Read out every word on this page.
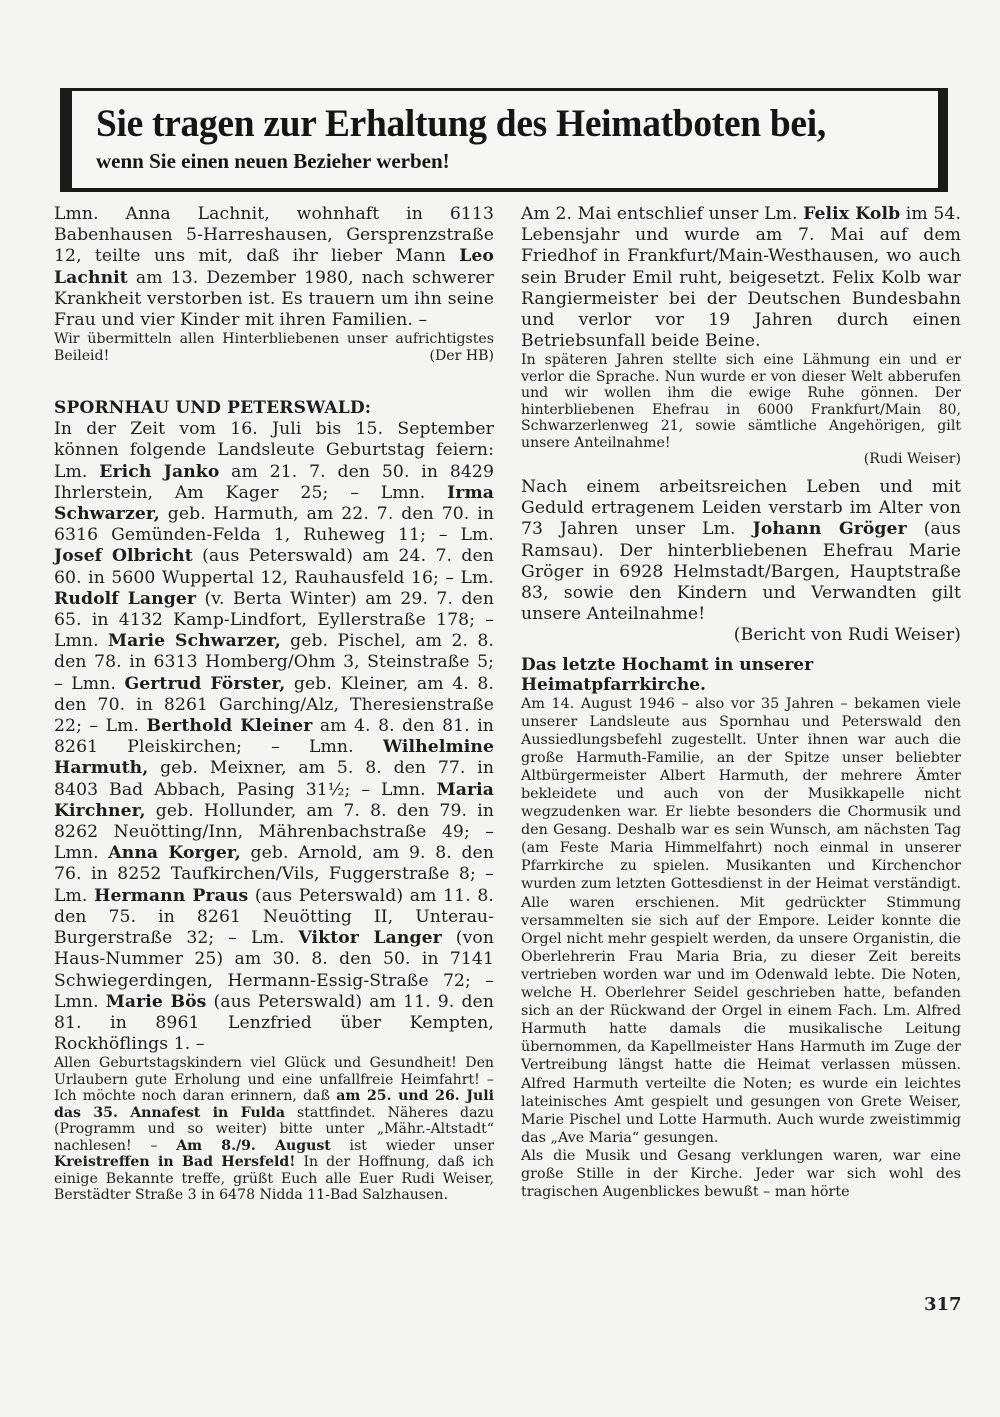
Sie tragen zur Erhaltung des Heimatboten bei,
wenn Sie einen neuen Bezieher werben!

Lmn. Anna Lachnit, wohnhaft in 6113 Babenhausen 5-Harreshausen, Gersprenzstraße 12, teilte uns mit, daß ihr lieber Mann Leo Lachnit am 13. Dezember 1980, nach schwerer Krankheit verstorben ist. Es trauern um ihn seine Frau und vier Kinder mit ihren Familien. –

Wir übermitteln allen Hinterbliebenen unser aufrichtigstes Beileid!	(Der HB)

SPORNHAU UND PETERSWALD:

In der Zeit vom 16. Juli bis 15. September können folgende Landsleute Geburtstag feiern: Lm. Erich Janko am 21. 7. den 50. in 8429 Ihrlerstein, Am Kager 25; – Lmn. Irma Schwarzer, geb. Harmuth, am 22. 7. den 70. in 6316 Gemünden-Felda 1, Ruheweg 11; – Lm. Josef Olbricht (aus Peterswald) am 24. 7. den 60. in 5600 Wuppertal 12, Rauhausfeld 16; – Lm. Rudolf Langer (v. Berta Winter) am 29. 7. den 65. in 4132 Kamp-Lindfort, Eyllerstraße 178; – Lmn. Marie Schwarzer, geb. Pischel, am 2. 8. den 78. in 6313 Homberg/Ohm 3, Steinstraße 5; – Lmn. Gertrud Förster, geb. Kleiner, am 4. 8. den 70. in 8261 Garching/Alz, Theresienstraße 22; – Lm. Berthold Kleiner am 4. 8. den 81. in 8261 Pleiskirchen; – Lmn. Wilhelmine Harmuth, geb. Meixner, am 5. 8. den 77. in 8403 Bad Abbach, Pasing 31½; – Lmn. Maria Kirchner, geb. Hollunder, am 7. 8. den 79. in 8262 Neuötting/Inn, Mährenbachstraße 49; – Lmn. Anna Korger, geb. Arnold, am 9. 8. den 76. in 8252 Taufkirchen/Vils, Fuggerstraße 8; – Lm. Hermann Praus (aus Peterswald) am 11. 8. den 75. in 8261 Neuötting II, Unterau-Burgerstraße 32; – Lm. Viktor Langer (von Haus-Nummer 25) am 30. 8. den 50. in 7141 Schwiegerdingen, Hermann-Essig-Straße 72; – Lmn. Marie Bös (aus Peterswald) am 11. 9. den 81. in 8961 Lenzfried über Kempten, Rockhöflings 1. –

Allen Geburtstagskindern viel Glück und Gesundheit! Den Urlaubern gute Erholung und eine unfallfreie Heimfahrt! – Ich möchte noch daran erinnern, daß am 25. und 26. Juli das 35. Annafest in Fulda stattfindet. Näheres dazu (Programm und so weiter) bitte unter „Mähr.-Altstadt“ nachlesen! – Am 8./9. August ist wieder unser Kreistreffen in Bad Hersfeld! In der Hoffnung, daß ich einige Bekannte treffe, grüßt Euch alle Euer Rudi Weiser, Berstädter Straße 3 in 6478 Nidda 11-Bad Salzhausen.

Am 2. Mai entschlief unser Lm. Felix Kolb im 54. Lebensjahr und wurde am 7. Mai auf dem Friedhof in Frankfurt/Main-Westhausen, wo auch sein Bruder Emil ruht, beigesetzt. Felix Kolb war Rangiermeister bei der Deutschen Bundesbahn und verlor vor 19 Jahren durch einen Betriebsunfall beide Beine.

In späteren Jahren stellte sich eine Lähmung ein und er verlor die Sprache. Nun wurde er von dieser Welt abberufen und wir wollen ihm die ewige Ruhe gönnen. Der hinterbliebenen Ehefrau in 6000 Frankfurt/Main 80, Schwarzerlenweg 21, sowie sämtliche Angehörigen, gilt unsere Anteilnahme!

(Rudi Weiser)

Nach einem arbeitsreichen Leben und mit Geduld ertragenem Leiden verstarb im Alter von 73 Jahren unser Lm. Johann Gröger (aus Ramsau). Der hinterbliebenen Ehefrau Marie Gröger in 6928 Helmstadt/Bargen, Hauptstraße 83, sowie den Kindern und Verwandten gilt unsere Anteilnahme!

(Bericht von Rudi Weiser)

Das letzte Hochamt in unserer Heimatpfarrkirche.

Am 14. August 1946 – also vor 35 Jahren – bekamen viele unserer Landsleute aus Spornhau und Peterswald den Aussiedlungsbefehl zugestellt. Unter ihnen war auch die große Harmuth-Familie, an der Spitze unser beliebter Altbürgermeister Albert Harmuth, der mehrere Ämter bekleidete und auch von der Musikkapelle nicht wegzudenken war. Er liebte besonders die Chormusik und den Gesang. Deshalb war es sein Wunsch, am nächsten Tag (am Feste Maria Himmelfahrt) noch einmal in unserer Pfarrkirche zu spielen. Musikanten und Kirchenchor wurden zum letzten Gottesdienst in der Heimat verständigt. Alle waren erschienen. Mit gedrückter Stimmung versammelten sie sich auf der Empore. Leider konnte die Orgel nicht mehr gespielt werden, da unsere Organistin, die Oberlehrerin Frau Maria Bria, zu dieser Zeit bereits vertrieben worden war und im Odenwald lebte. Die Noten, welche H. Oberlehrer Seidel geschrieben hatte, befanden sich an der Rückwand der Orgel in einem Fach. Lm. Alfred Harmuth hatte damals die musikalische Leitung übernommen, da Kapellmeister Hans Harmuth im Zuge der Vertreibung längst hatte die Heimat verlassen müssen. Alfred Harmuth verteilte die Noten; es wurde ein leichtes lateinisches Amt gespielt und gesungen von Grete Weiser, Marie Pischel und Lotte Harmuth. Auch wurde zweistimmig das „Ave Maria“ gesungen.

Als die Musik und Gesang verklungen waren, war eine große Stille in der Kirche. Jeder war sich wohl des tragischen Augenblickes bewußt – man hörte

317
